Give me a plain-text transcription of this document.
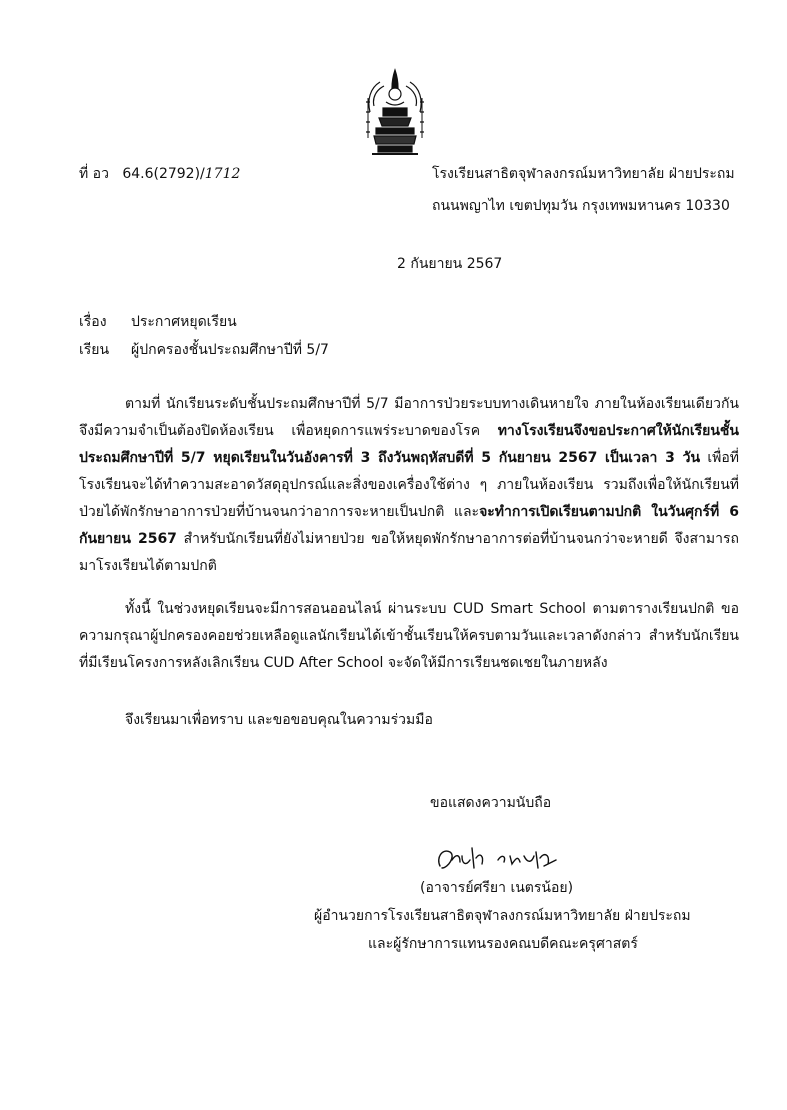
ที่ อว 64.6(2792)/1712	โรงเรียนสาธิตจุฬาลงกรณ์มหาวิทยาลัย ฝ่ายประถม
ถนนพญาไท เขตปทุมวัน กรุงเทพมหานคร 10330
2 กันยายน 2567
เรื่อง ประกาศหยุดเรียน
เรียน ผู้ปกครองชั้นประถมศึกษาปีที่ 5/7

ตามที่ นักเรียนระดับชั้นประถมศึกษาปีที่ 5/7 มีอาการป่วยระบบทางเดินหายใจ ภายในห้องเรียนเดียวกัน จึงมีความจำเป็นต้องปิดห้องเรียน เพื่อหยุดการแพร่ระบาดของโรค ทางโรงเรียนจึงขอประกาศให้นักเรียนชั้นประถมศึกษาปีที่ 5/7 หยุดเรียนในวันอังคารที่ 3 ถึงวันพฤหัสบดีที่ 5 กันยายน 2567 เป็นเวลา 3 วัน เพื่อที่โรงเรียนจะได้ทำความสะอาดวัสดุอุปกรณ์และสิ่งของเครื่องใช้ต่าง ๆ ภายในห้องเรียน รวมถึงเพื่อให้นักเรียนที่ป่วยได้พักรักษาอาการป่วยที่บ้านจนกว่าอาการจะหายเป็นปกติ และจะทำการเปิดเรียนตามปกติ ในวันศุกร์ที่ 6 กันยายน 2567 สำหรับนักเรียนที่ยังไม่หายป่วย ขอให้หยุดพักรักษาอาการต่อที่บ้านจนกว่าจะหายดี จึงสามารถมาโรงเรียนได้ตามปกติ

ทั้งนี้ ในช่วงหยุดเรียนจะมีการสอนออนไลน์ ผ่านระบบ CUD Smart School ตามตารางเรียนปกติ ขอความกรุณาผู้ปกครองคอยช่วยเหลือดูแลนักเรียนได้เข้าชั้นเรียนให้ครบตามวันและเวลาดังกล่าว สำหรับนักเรียนที่มีเรียนโครงการหลังเลิกเรียน CUD After School จะจัดให้มีการเรียนชดเชยในภายหลัง

จึงเรียนมาเพื่อทราบ และขอขอบคุณในความร่วมมือ
ขอแสดงความนับถือ
(อาจารย์ศรียา เนตรน้อย)
ผู้อำนวยการโรงเรียนสาธิตจุฬาลงกรณ์มหาวิทยาลัย ฝ่ายประถม
และผู้รักษาการแทนรองคณบดีคณะครุศาสตร์
